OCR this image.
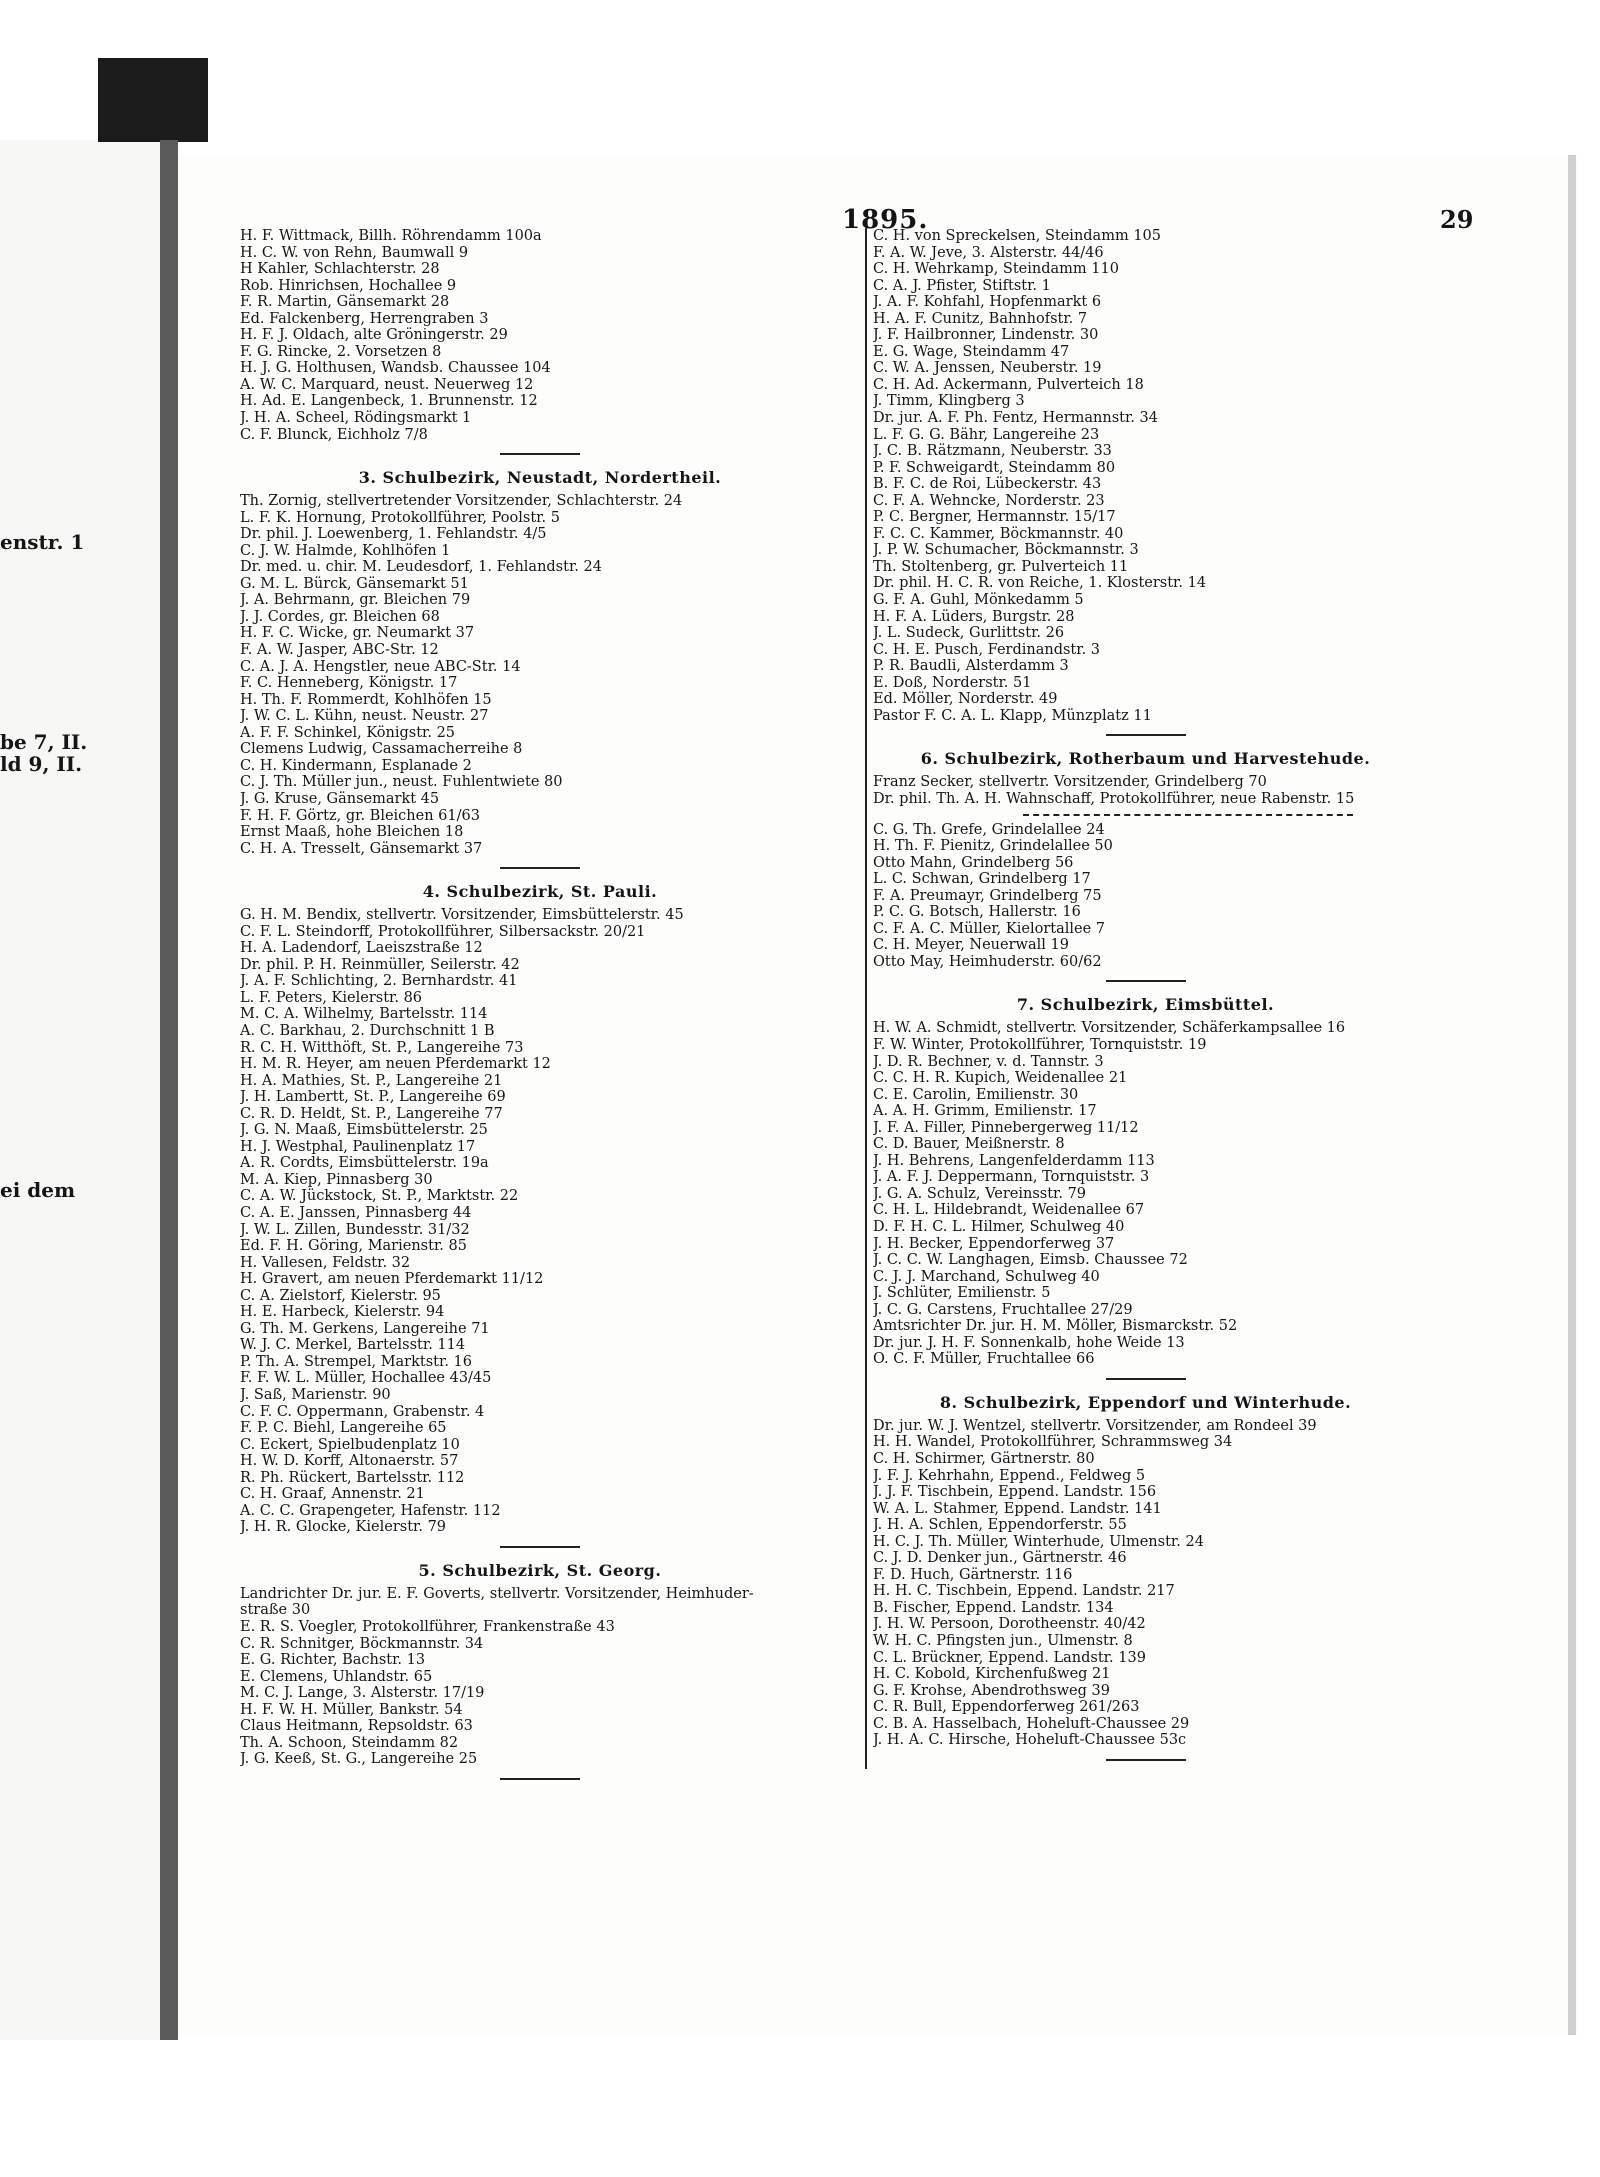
enstr. 1
be 7, II.
ld 9, II.
ei dem
1895.	29
H. F. Wittmack, Billh. Röhrendamm 100a
H. C. W. von Rehn, Baumwall 9
H Kahler, Schlachterstr. 28
Rob. Hinrichsen, Hochallee 9
F. R. Martin, Gänsemarkt 28
Ed. Falckenberg, Herrengraben 3
H. F. J. Oldach, alte Gröningerstr. 29
F. G. Rincke, 2. Vorsetzen 8
H. J. G. Holthusen, Wandsb. Chaussee 104
A. W. C. Marquard, neust. Neuerweg 12
H. Ad. E. Langenbeck, 1. Brunnenstr. 12
J. H. A. Scheel, Rödingsmarkt 1
C. F. Blunck, Eichholz 7/8
3. Schulbezirk, Neustadt, Nordertheil.
Th. Zornig, stellvertretender Vorsitzender, Schlachterstr. 24
L. F. K. Hornung, Protokollführer, Poolstr. 5
Dr. phil. J. Loewenberg, 1. Fehlandstr. 4/5
C. J. W. Halmde, Kohlhöfen 1
Dr. med. u. chir. M. Leudesdorf, 1. Fehlandstr. 24
G. M. L. Bürck, Gänsemarkt 51
J. A. Behrmann, gr. Bleichen 79
J. J. Cordes, gr. Bleichen 68
H. F. C. Wicke, gr. Neumarkt 37
F. A. W. Jasper, ABC-Str. 12
C. A. J. A. Hengstler, neue ABC-Str. 14
F. C. Henneberg, Königstr. 17
H. Th. F. Rommerdt, Kohlhöfen 15
J. W. C. L. Kühn, neust. Neustr. 27
A. F. F. Schinkel, Königstr. 25
Clemens Ludwig, Cassamacherreihe 8
C. H. Kindermann, Esplanade 2
C. J. Th. Müller jun., neust. Fuhlentwiete 80
J. G. Kruse, Gänsemarkt 45
F. H. F. Görtz, gr. Bleichen 61/63
Ernst Maaß, hohe Bleichen 18
C. H. A. Tresselt, Gänsemarkt 37
4. Schulbezirk, St. Pauli.
G. H. M. Bendix, stellvertr. Vorsitzender, Eimsbüttelerstr. 45
C. F. L. Steindorff, Protokollführer, Silbersackstr. 20/21
H. A. Ladendorf, Laeiszstraße 12
Dr. phil. P. H. Reinmüller, Seilerstr. 42
J. A. F. Schlichting, 2. Bernhardstr. 41
L. F. Peters, Kielerstr. 86
M. C. A. Wilhelmy, Bartelsstr. 114
A. C. Barkhau, 2. Durchschnitt 1 B
R. C. H. Witthöft, St. P., Langereihe 73
H. M. R. Heyer, am neuen Pferdemarkt 12
H. A. Mathies, St. P., Langereihe 21
J. H. Lambertt, St. P., Langereihe 69
C. R. D. Heldt, St. P., Langereihe 77
J. G. N. Maaß, Eimsbüttelerstr. 25
H. J. Westphal, Paulinenplatz 17
A. R. Cordts, Eimsbüttelerstr. 19a
M. A. Kiep, Pinnasberg 30
C. A. W. Jückstock, St. P., Marktstr. 22
C. A. E. Janssen, Pinnasberg 44
J. W. L. Zillen, Bundesstr. 31/32
Ed. F. H. Göring, Marienstr. 85
H. Vallesen, Feldstr. 32
H. Gravert, am neuen Pferdemarkt 11/12
C. A. Zielstorf, Kielerstr. 95
H. E. Harbeck, Kielerstr. 94
G. Th. M. Gerkens, Langereihe 71
W. J. C. Merkel, Bartelsstr. 114
P. Th. A. Strempel, Marktstr. 16
F. F. W. L. Müller, Hochallee 43/45
J. Saß, Marienstr. 90
C. F. C. Oppermann, Grabenstr. 4
F. P. C. Biehl, Langereihe 65
C. Eckert, Spielbudenplatz 10
H. W. D. Korff, Altonaerstr. 57
R. Ph. Rückert, Bartelsstr. 112
C. H. Graaf, Annenstr. 21
A. C. C. Grapengeter, Hafenstr. 112
J. H. R. Glocke, Kielerstr. 79
5. Schulbezirk, St. Georg.
Landrichter Dr. jur. E. F. Goverts, stellvertr. Vorsitzender, Heimhuder-
straße 30
E. R. S. Voegler, Protokollführer, Frankenstraße 43
C. R. Schnitger, Böckmannstr. 34
E. G. Richter, Bachstr. 13
E. Clemens, Uhlandstr. 65
M. C. J. Lange, 3. Alsterstr. 17/19
H. F. W. H. Müller, Bankstr. 54
Claus Heitmann, Repsoldstr. 63
Th. A. Schoon, Steindamm 82
J. G. Keeß, St. G., Langereihe 25
C. H. von Spreckelsen, Steindamm 105
F. A. W. Jeve, 3. Alsterstr. 44/46
C. H. Wehrkamp, Steindamm 110
C. A. J. Pfister, Stiftstr. 1
J. A. F. Kohfahl, Hopfenmarkt 6
H. A. F. Cunitz, Bahnhofstr. 7
J. F. Hailbronner, Lindenstr. 30
E. G. Wage, Steindamm 47
C. W. A. Jenssen, Neuberstr. 19
C. H. Ad. Ackermann, Pulverteich 18
J. Timm, Klingberg 3
Dr. jur. A. F. Ph. Fentz, Hermannstr. 34
L. F. G. G. Bähr, Langereihe 23
J. C. B. Rätzmann, Neuberstr. 33
P. F. Schweigardt, Steindamm 80
B. F. C. de Roi, Lübeckerstr. 43
C. F. A. Wehncke, Norderstr. 23
P. C. Bergner, Hermannstr. 15/17
F. C. C. Kammer, Böckmannstr. 40
J. P. W. Schumacher, Böckmannstr. 3
Th. Stoltenberg, gr. Pulverteich 11
Dr. phil. H. C. R. von Reiche, 1. Klosterstr. 14
G. F. A. Guhl, Mönkedamm 5
H. F. A. Lüders, Burgstr. 28
J. L. Sudeck, Gurlittstr. 26
C. H. E. Pusch, Ferdinandstr. 3
P. R. Baudli, Alsterdamm 3
E. Doß, Norderstr. 51
Ed. Möller, Norderstr. 49
Pastor F. C. A. L. Klapp, Münzplatz 11
6. Schulbezirk, Rotherbaum und Harvestehude.
Franz Secker, stellvertr. Vorsitzender, Grindelberg 70
Dr. phil. Th. A. H. Wahnschaff, Protokollführer, neue Rabenstr. 15
C. G. Th. Grefe, Grindelallee 24
H. Th. F. Pienitz, Grindelallee 50
Otto Mahn, Grindelberg 56
L. C. Schwan, Grindelberg 17
F. A. Preumayr, Grindelberg 75
P. C. G. Botsch, Hallerstr. 16
C. F. A. C. Müller, Kielortallee 7
C. H. Meyer, Neuerwall 19
Otto May, Heimhuderstr. 60/62
7. Schulbezirk, Eimsbüttel.
H. W. A. Schmidt, stellvertr. Vorsitzender, Schäferkampsallee 16
F. W. Winter, Protokollführer, Tornquiststr. 19
J. D. R. Bechner, v. d. Tannstr. 3
C. C. H. R. Kupich, Weidenallee 21
C. E. Carolin, Emilienstr. 30
A. A. H. Grimm, Emilienstr. 17
J. F. A. Filler, Pinnebergerweg 11/12
C. D. Bauer, Meißnerstr. 8
J. H. Behrens, Langenfelderdamm 113
J. A. F. J. Deppermann, Tornquiststr. 3
J. G. A. Schulz, Vereinsstr. 79
C. H. L. Hildebrandt, Weidenallee 67
D. F. H. C. L. Hilmer, Schulweg 40
J. H. Becker, Eppendorferweg 37
J. C. C. W. Langhagen, Eimsb. Chaussee 72
C. J. J. Marchand, Schulweg 40
J. Schlüter, Emilienstr. 5
J. C. G. Carstens, Fruchtallee 27/29
Amtsrichter Dr. jur. H. M. Möller, Bismarckstr. 52
Dr. jur. J. H. F. Sonnenkalb, hohe Weide 13
O. C. F. Müller, Fruchtallee 66
8. Schulbezirk, Eppendorf und Winterhude.
Dr. jur. W. J. Wentzel, stellvertr. Vorsitzender, am Rondeel 39
H. H. Wandel, Protokollführer, Schrammsweg 34
C. H. Schirmer, Gärtnerstr. 80
J. F. J. Kehrhahn, Eppend., Feldweg 5
J. J. F. Tischbein, Eppend. Landstr. 156
W. A. L. Stahmer, Eppend. Landstr. 141
J. H. A. Schlen, Eppendorferstr. 55
H. C. J. Th. Müller, Winterhude, Ulmenstr. 24
C. J. D. Denker jun., Gärtnerstr. 46
F. D. Huch, Gärtnerstr. 116
H. H. C. Tischbein, Eppend. Landstr. 217
B. Fischer, Eppend. Landstr. 134
J. H. W. Persoon, Dorotheenstr. 40/42
W. H. C. Pfingsten jun., Ulmenstr. 8
C. L. Brückner, Eppend. Landstr. 139
H. C. Kobold, Kirchenfußweg 21
G. F. Krohse, Abendrothsweg 39
C. R. Bull, Eppendorferweg 261/263
C. B. A. Hasselbach, Hoheluft-Chaussee 29
J. H. A. C. Hirsche, Hoheluft-Chaussee 53c
